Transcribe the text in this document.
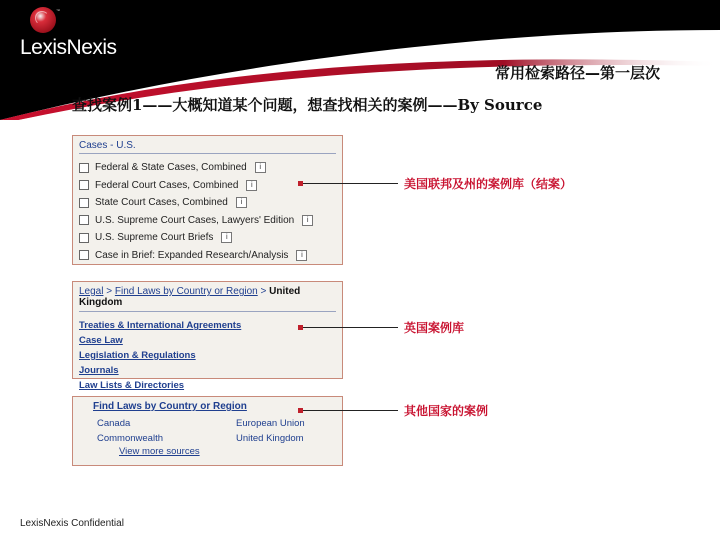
™
LexisNexis
常用检索路径—第一层次
查找案例1——大概知道某个问题，想查找相关的案例——By Source
Cases - U.S.
Federal & State Cases, Combined	i
Federal Court Cases, Combined	i
State Court Cases, Combined	i
U.S. Supreme Court Cases, Lawyers' Edition	i
U.S. Supreme Court Briefs	i
Case in Brief: Expanded Research/Analysis	i
Legal > Find Laws by Country or Region > United Kingdom
Treaties & International Agreements
Case Law
Legislation & Regulations
Journals
Law Lists & Directories
Find Laws by Country or Region
Canada	European Union
Commonwealth	United Kingdom
View more sources
美国联邦及州的案例库（结案）
英国案例库
其他国家的案例
LexisNexis Confidential
